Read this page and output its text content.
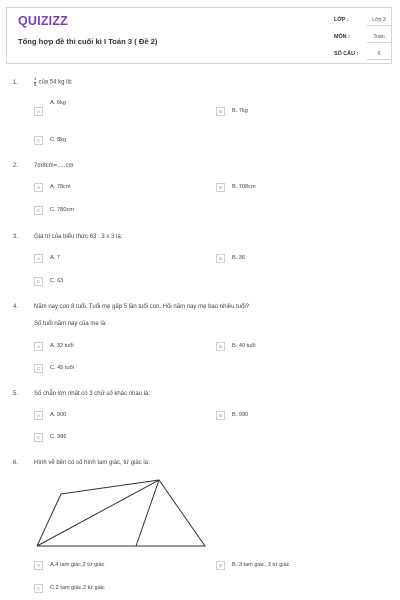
QUIZIZZ
Tổng hợp đề thi cuối kì I Toán 3 ( Đề 2)
LỚP :	Lớp 3
MÔN :	Toán
SỐ CÂU :	6
1.	$\frac{1}{6}$ của 54 kg là:
A
A. 6kg
B	B. 7kg
C	C. 8kg
2.	7m8cm=.....cm
A	A. 78cm	B	B. 708cm
C	C. 780cm
3.	Giá trị của biểu thức 63 : 3 x 3 là:
A	A. 7	B	B. 36
C	C. 63
4.	Năm nay con 8 tuổi. Tuổi mẹ gấp 5 lần tuổi con. Hỏi năm nay mẹ bao nhiêu tuổi?
Số tuổi năm nay của mẹ là:
A	A. 32 tuổi	B	B. 40 tuổi
C	C. 45 tuổi
5.	Số chẵn lớn nhất có 3 chữ số khác nhau là:
A	A. 900	B	B. 990
C	C. 986
6.	Hình vẽ bên có số hình tam giác, tứ giác là:
A	A.4 tam giác,2 tứ giác	B	B. 3 tam giác, 3 tứ giác
C	C.2 tam giác,2 tứ giác
